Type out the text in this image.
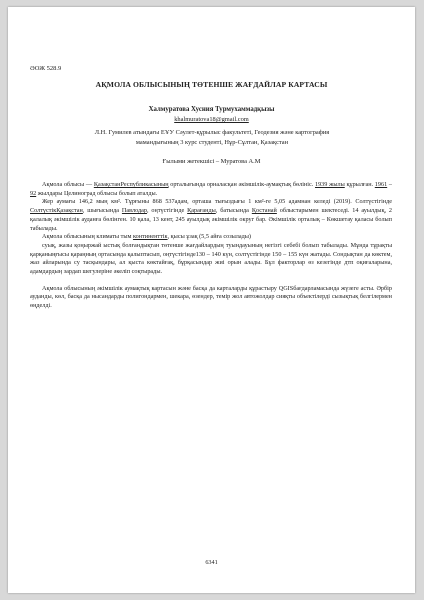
ӘОЖ 528.9
АҚМОЛА ОБЛЫСЫНЫҢ ТӨТЕНШЕ ЖАҒДАЙЛАР КАРТАСЫ
Халмуратова Хусния Турмухаммадқызы
khalmuratova18@gmail.com
Л.Н. Гумилев атындағы ЕҰУ Сәулет-құрылыс факультеті, Геодезия және картография
мамандығының 3 курс студенті, Нұр-Сұлтан, Қазақстан
Ғылыми жетекшісі – Муратова А.М

Ақмола облысы — ҚазақстанРеспубликасының орталығында орналасқан әкімшілік-аумақтық бөлініс. 1939 жылы құрылған. 1961 – 92 жылдары Целиноград облысы болып аталды.

Жер аумағы 146,2 мың км². Тұрғыны 868 537адам, орташа тығыздығы 1 км²-ге 5,05 адамнан келеді (2019). Солтүстігінде СолтүстікҚазақстан, шығысында Павлодар, оңтүстігінде Қарағанды, батысында Қостанай облыстарымен шектеседі. 14 ауылдық, 2 қалалық әкімшілік ауданға бөлінген. 10 қала, 13 кент, 245 ауылдық әкімшілік округ бар. Әкімшілік орталық – Көкшетау қаласы болып табылады.

Ақмола облысының климаты тым континенттік, қысы ұзақ (5,5 айға созылады)

суық, жазы қоңыржай ыстық болғандықтан төтенше жағдайлардың туындауының негізгі себебі болып табылады. Мұнда тұрақты қарқаныңғысы қараңның ортасында қалыптасып, оңтүстігінде130 – 140 күн, солтүстігінде 150 – 155 күн жатады. Сондықтан да көктем, жаз айларында су тасқындары, ал қыста көктайғақ, бұрқасындар жиі орын алады. Бұл факторлар өз кезегінде дтп оқиғаларына, адамдардың зардап шегулеріне әкеліп соқтырады.

Ақмола облысының әкімшілік аумақтық картасын және басқа да карталарды құрастыру QGISбағдарламасында жүзеге асты. Әрбір ауданды, көл, басқа да нысандарды полигондармен, шекара, өзендер, темір жол автожолдар сияқты объектілерді сызықтық белгілермен өңделді.

6341
